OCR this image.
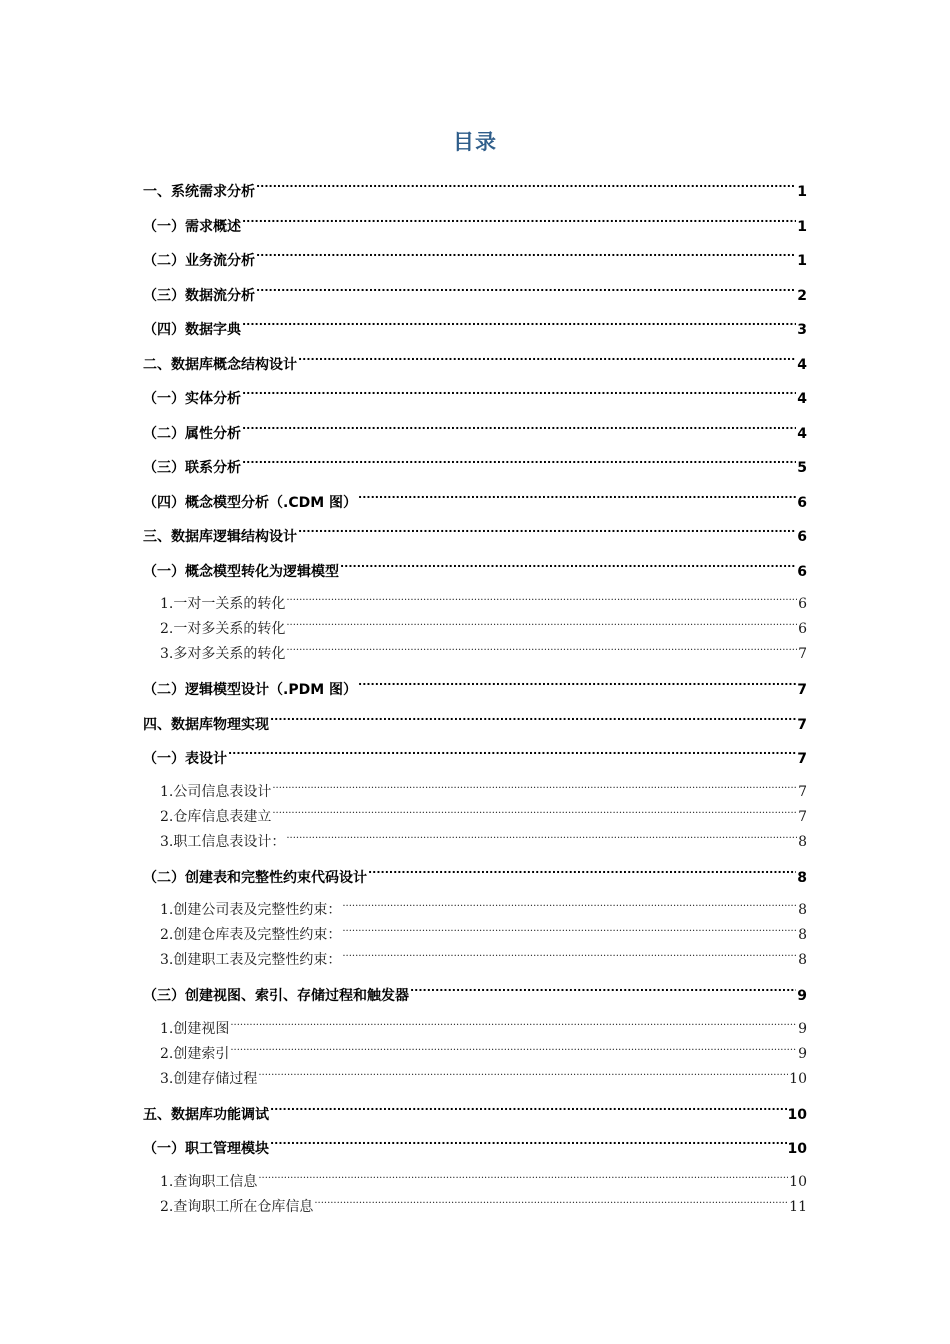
目录
一、系统需求分析 .....	1
（一）需求概述 .....	1
（二）业务流分析 .....	1
（三）数据流分析 .....	2
（四）数据字典 .....	3
二、数据库概念结构设计 .....	4
（一）实体分析 .....	4
（二）属性分析 .....	4
（三）联系分析 .....	5
（四）概念模型分析（.CDM 图） .....	6
三、数据库逻辑结构设计 .....	6
（一）概念模型转化为逻辑模型 .....	6
1.一对一关系的转化 .....	6
2.一对多关系的转化 .....	6
3.多对多关系的转化 .....	7
（二）逻辑模型设计（.PDM 图） .....	7
四、数据库物理实现 .....	7
（一）表设计 .....	7
1.公司信息表设计 .....	7
2.仓库信息表建立 .....	7
3.职工信息表设计： .....	8
（二）创建表和完整性约束代码设计 .....	8
1.创建公司表及完整性约束： .....	8
2.创建仓库表及完整性约束： .....	8
3.创建职工表及完整性约束： .....	8
（三）创建视图、索引、存储过程和触发器 .....	9
1.创建视图 .....	9
2.创建索引 .....	9
3.创建存储过程 .....	10
五、数据库功能调试 .....	10
（一）职工管理模块 .....	10
1.查询职工信息 .....	10
2.查询职工所在仓库信息 .....	11
